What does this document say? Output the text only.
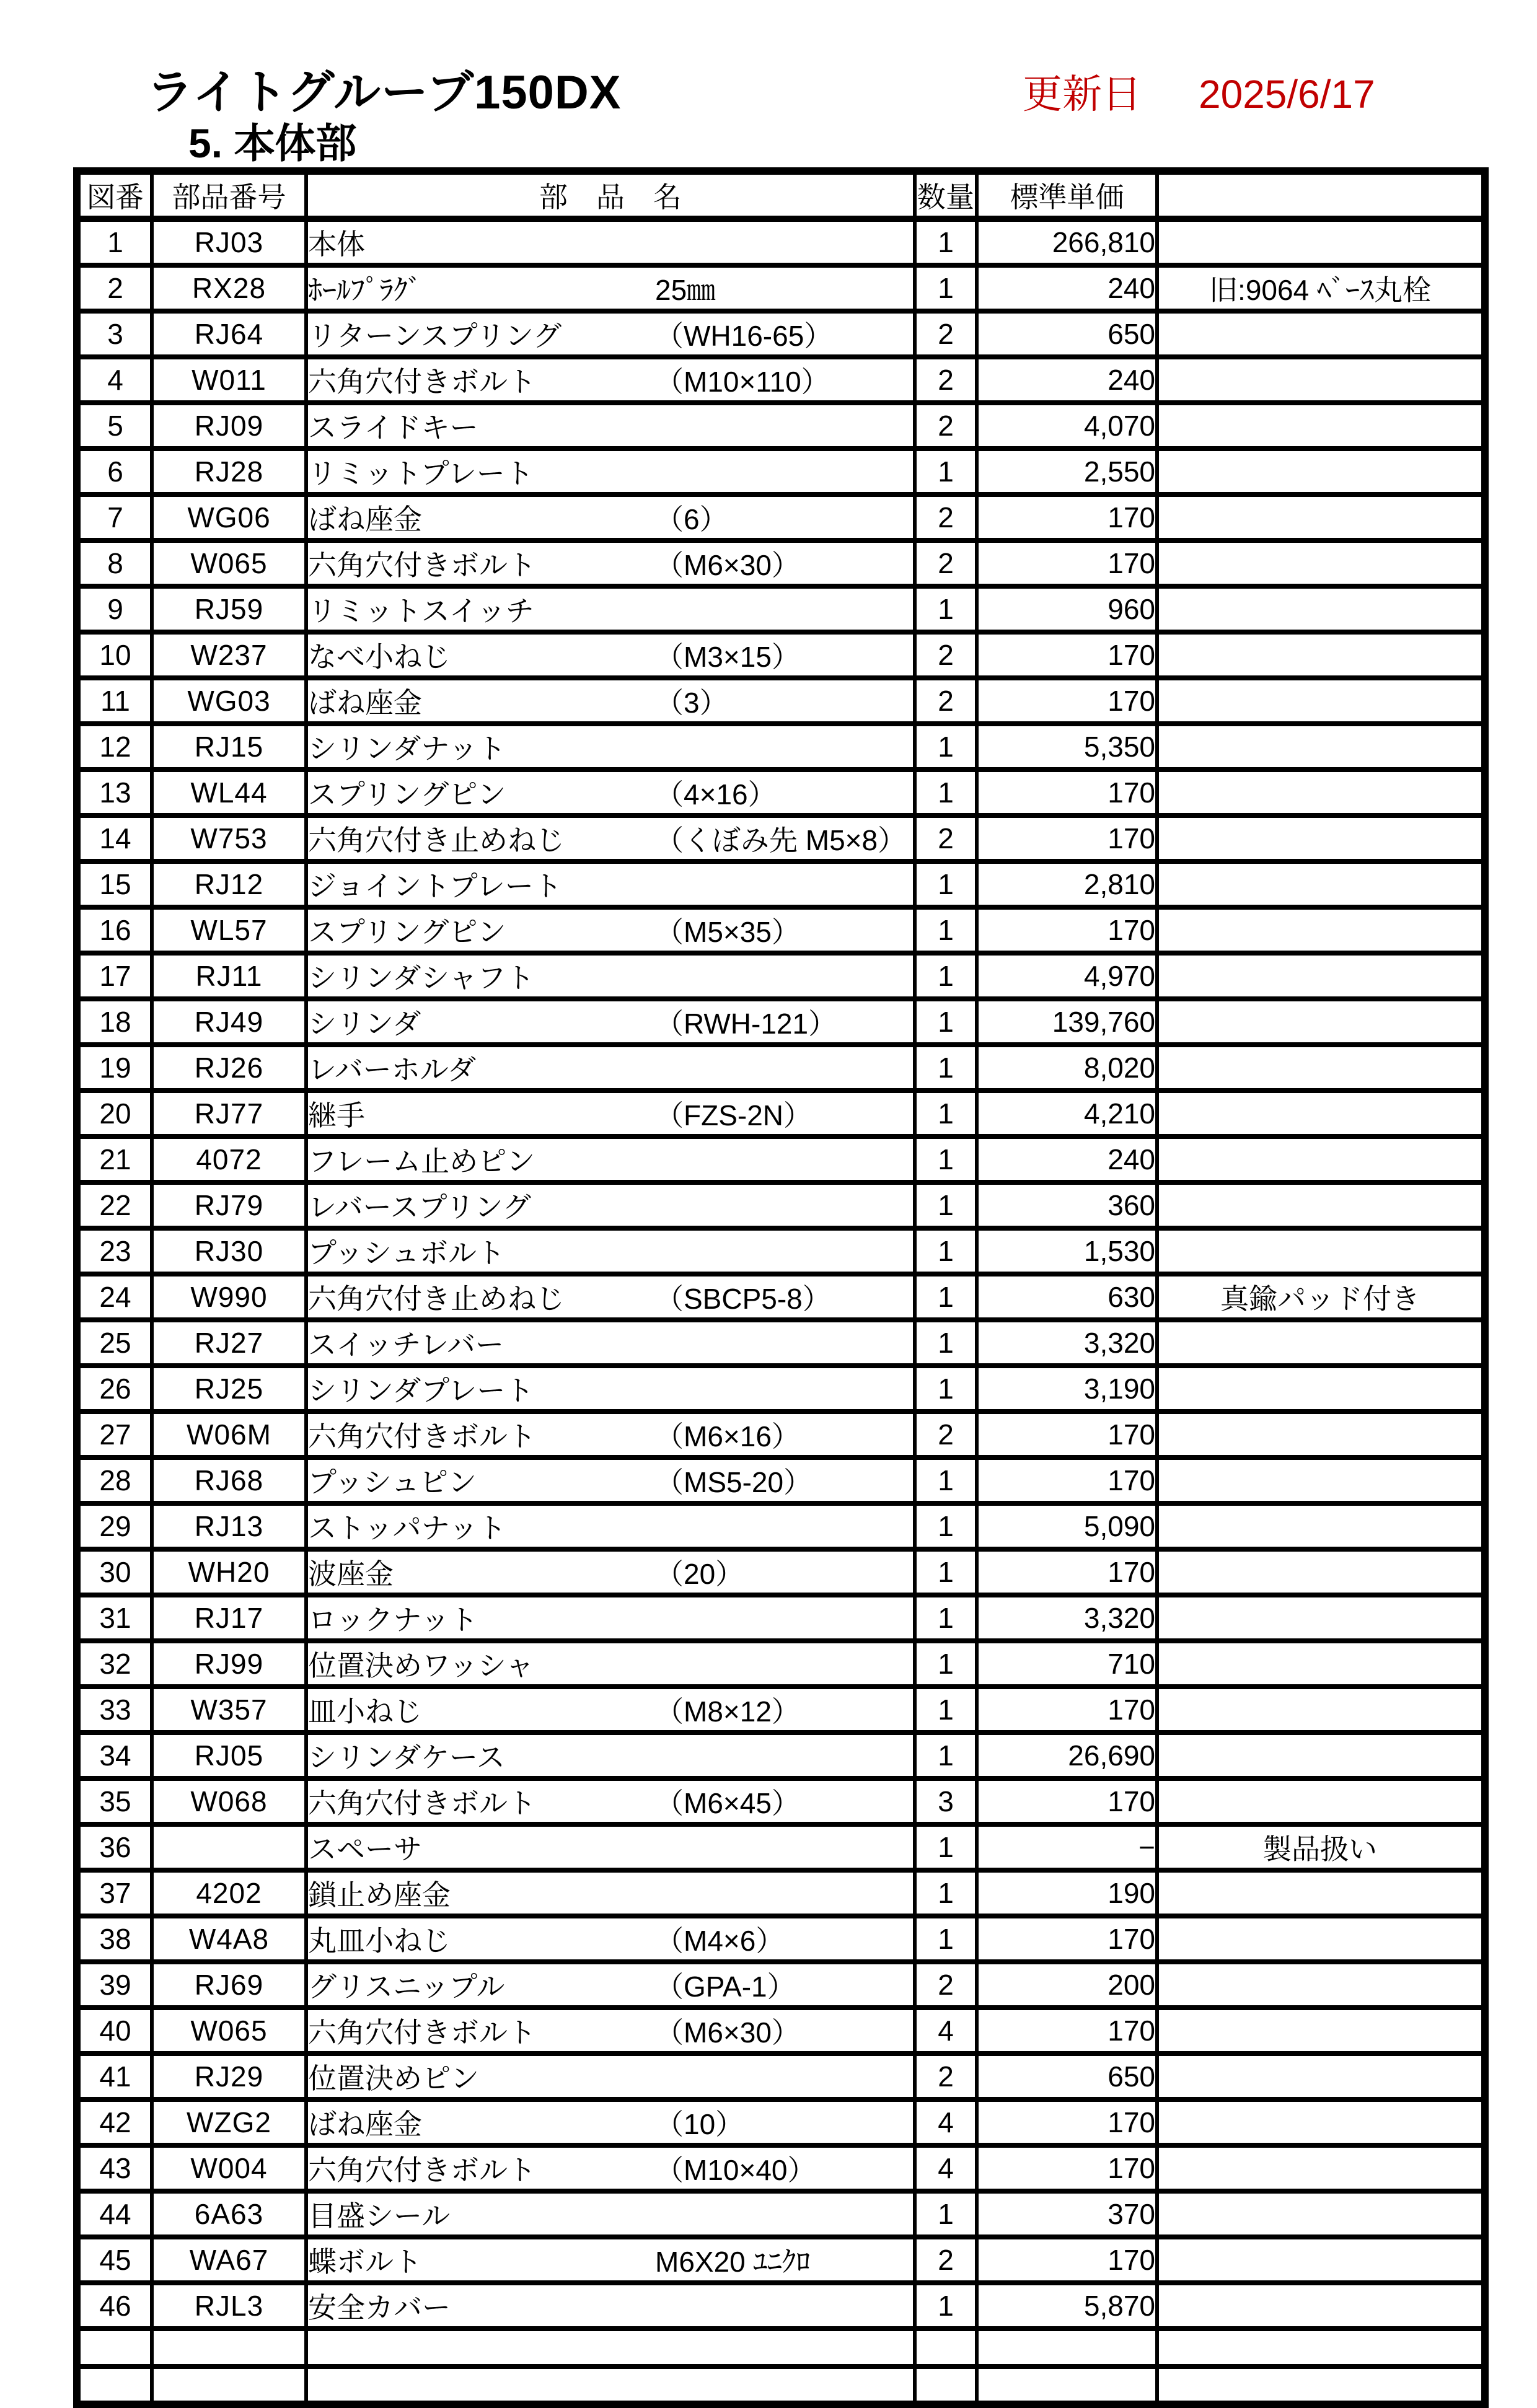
ライトグルーブ150DX
5. 本体部
更新日 2025/6/17
図番	部品番号	部　品　名	数量	標準単価	
1	RJ03	本体	1	266,810	
2	RX28	ﾎｰﾙﾌﾟﾗｸﾞ 25㎜	1	240	旧:9064 ﾍﾞｰｽ丸栓
3	RJ64	リターンスプリング （WH16-65）	2	650	
4	W011	六角穴付きボルト （M10×110）	2	240	
5	RJ09	スライドキー	2	4,070	
6	RJ28	リミットプレート	1	2,550	
7	WG06	ばね座金 （6）	2	170	
8	W065	六角穴付きボルト （M6×30）	2	170	
9	RJ59	リミットスイッチ	1	960	
10	W237	なべ小ねじ （M3×15）	2	170	
11	WG03	ばね座金 （3）	2	170	
12	RJ15	シリンダナット	1	5,350	
13	WL44	スプリングピン （4×16）	1	170	
14	W753	六角穴付き止めねじ （くぼみ先 M5×8）	2	170	
15	RJ12	ジョイントプレート	1	2,810	
16	WL57	スプリングピン （M5×35）	1	170	
17	RJ11	シリンダシャフト	1	4,970	
18	RJ49	シリンダ （RWH-121）	1	139,760	
19	RJ26	レバーホルダ	1	8,020	
20	RJ77	継手 （FZS-2N）	1	4,210	
21	4072	フレーム止めピン	1	240	
22	RJ79	レバースプリング	1	360	
23	RJ30	プッシュボルト	1	1,530	
24	W990	六角穴付き止めねじ （SBCP5-8）	1	630	真鍮パッド付き
25	RJ27	スイッチレバー	1	3,320	
26	RJ25	シリンダプレート	1	3,190	
27	W06M	六角穴付きボルト （M6×16）	2	170	
28	RJ68	プッシュピン （MS5-20）	1	170	
29	RJ13	ストッパナット	1	5,090	
30	WH20	波座金 （20）	1	170	
31	RJ17	ロックナット	1	3,320	
32	RJ99	位置決めワッシャ	1	710	
33	W357	皿小ねじ （M8×12）	1	170	
34	RJ05	シリンダケース	1	26,690	
35	W068	六角穴付きボルト （M6×45）	3	170	
36		スペーサ	1	−	製品扱い
37	4202	鎖止め座金	1	190	
38	W4A8	丸皿小ねじ （M4×6）	1	170	
39	RJ69	グリスニップル （GPA-1）	2	200	
40	W065	六角穴付きボルト （M6×30）	4	170	
41	RJ29	位置決めピン	2	650	
42	WZG2	ばね座金 （10）	4	170	
43	W004	六角穴付きボルト （M10×40）	4	170	
44	6A63	目盛シール	1	370	
45	WA67	蝶ボルト M6X20 ﾕﾆｸﾛ	2	170	
46	RJL3	安全カバー	1	5,870	
